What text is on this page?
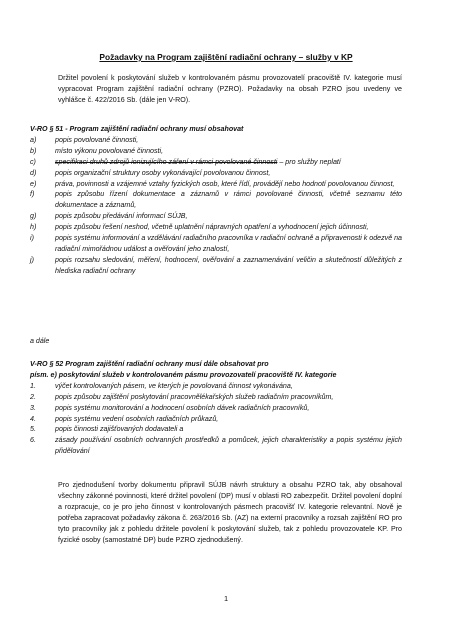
Požadavky na Program zajištění radiační ochrany – služby v KP
Držitel povolení k poskytování služeb v kontrolovaném pásmu provozovatelí pracoviště IV. kategorie musí vypracovat Program zajištění radiační ochrany (PZRO). Požadavky na obsah PZRO jsou uvedeny ve vyhlášce č. 422/2016 Sb. (dále jen V-RO).
V-RO § 51 - Program zajištění radiační ochrany musí obsahovat
a)	popis povolované činnosti,
b)	místo výkonu povolované činnosti,
c)	specifikaci druhů zdrojů ionizujícího záření v rámci povolované činnosti – pro služby neplatí
d)	popis organizační struktury osoby vykonávající povolovanou činnost,
e)	práva, povinnosti a vzájemné vztahy fyzických osob, které řídí, provádějí nebo hodnotí povolovanou činnost,
f)	popis způsobu řízení dokumentace a záznamů v rámci povolované činnosti, včetně seznamu této dokumentace a záznamů,
g)	popis způsobu předávání informací SÚJB,
h)	popis způsobu řešení neshod, včetně uplatnění nápravných opatření a vyhodnocení jejich účinnosti,
i)	popis systému informování a vzdělávání radiačního pracovníka v radiační ochraně a připravenosti k odezvě na radiační mimořádnou událost a ověřování jeho znalostí,
j)	popis rozsahu sledování, měření, hodnocení, ověřování a zaznamenávání veličin a skutečností důležitých z hlediska radiační ochrany
a dále
V-RO § 52 Program zajištění radiační ochrany musí dále obsahovat pro
písm. e) poskytování služeb v kontrolovaném pásmu provozovatelí pracoviště IV. kategorie
1.	výčet kontrolovaných pásem, ve kterých je povolovaná činnost vykonávána,
2.	popis způsobu zajištění poskytování pracovnělékařských služeb radiačním pracovníkům,
3.	popis systému monitorování a hodnocení osobních dávek radiačních pracovníků,
4.	popis systému vedení osobních radiačních průkazů,
5.	popis činnosti zajišťovaných dodavateli a
6.	zásady používání osobních ochranných prostředků a pomůcek, jejich charakteristiky a popis systému jejich přidělování
Pro zjednodušení tvorby dokumentu připravil SÚJB návrh struktury a obsahu PZRO tak, aby obsahoval všechny zákonné povinnosti, které držitel povolení (DP) musí v oblasti RO zabezpečit. Držitel povolení doplní a rozpracuje, co je pro jeho činnost v kontrolovaných pásmech pracovišť IV. kategorie relevantní. Nově je potřeba zapracovat požadavky zákona č. 263/2016 Sb. (AZ) na externí pracovníky a rozsah zajištění RO pro tyto pracovníky jak z pohledu držitele povolení k poskytování služeb, tak z pohledu provozovatele KP. Pro fyzické osoby (samostatné DP) bude PZRO zjednodušený.
1
